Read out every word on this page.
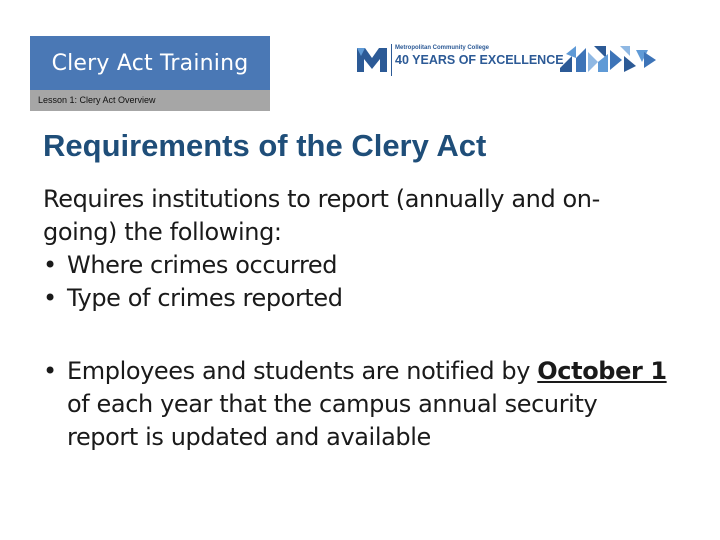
Clery Act Training
Lesson 1: Clery Act Overview
Metropolitan Community College
40 YEARS OF EXCELLENCE
Requirements of the Clery Act

Requires institutions to report (annually and on-going) the following:

• Where crimes occurred
• Type of crimes reported
• Employees and students are notified by October 1 of each year that the campus annual security report is updated and available
